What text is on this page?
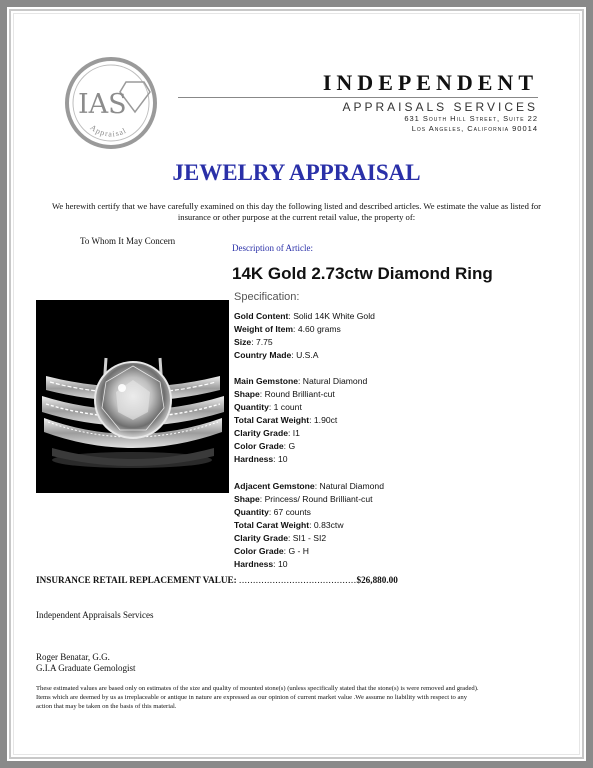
IAS
Appraisal
INDEPENDENT
APPRAISALS SERVICES
631 South Hill Street, Suite 22
Los Angeles, California 90014
JEWELRY APPRAISAL
We herewith certify that we have carefully examined on this day the following listed and described articles. We estimate the value as listed for insurance or other purpose at the current retail value, the property of:
To Whom It May Concern
Description of Article:
14K Gold 2.73ctw Diamond Ring
Specification:
Gold Content: Solid 14K White Gold
Weight of Item: 4.60 grams
Size: 7.75
Country Made: U.S.A
Main Gemstone: Natural Diamond
Shape: Round Brilliant-cut
Quantity: 1 count
Total Carat Weight: 1.90ct
Clarity Grade: I1
Color Grade: G
Hardness: 10
Adjacent Gemstone: Natural Diamond
Shape: Princess/ Round Brilliant-cut
Quantity: 67 counts
Total Carat Weight: 0.83ctw
Clarity Grade: SI1 - SI2
Color Grade: G - H
Hardness: 10
INSURANCE RETAIL REPLACEMENT VALUE: ..........................................$26,880.00
Independent Appraisals Services
Roger Benatar, G.G.
G.I.A Graduate Gemologist
These estimated values are based only on estimates of the size and quality of mounted stone(s) (unless specifically stated that the stone(s) is were removed and graded). Items which are deemed by us as irreplaceable or antique in nature are expressed as our opinion of current market value .We assume no liability with respect to any action that may be taken on the basis of this material.
